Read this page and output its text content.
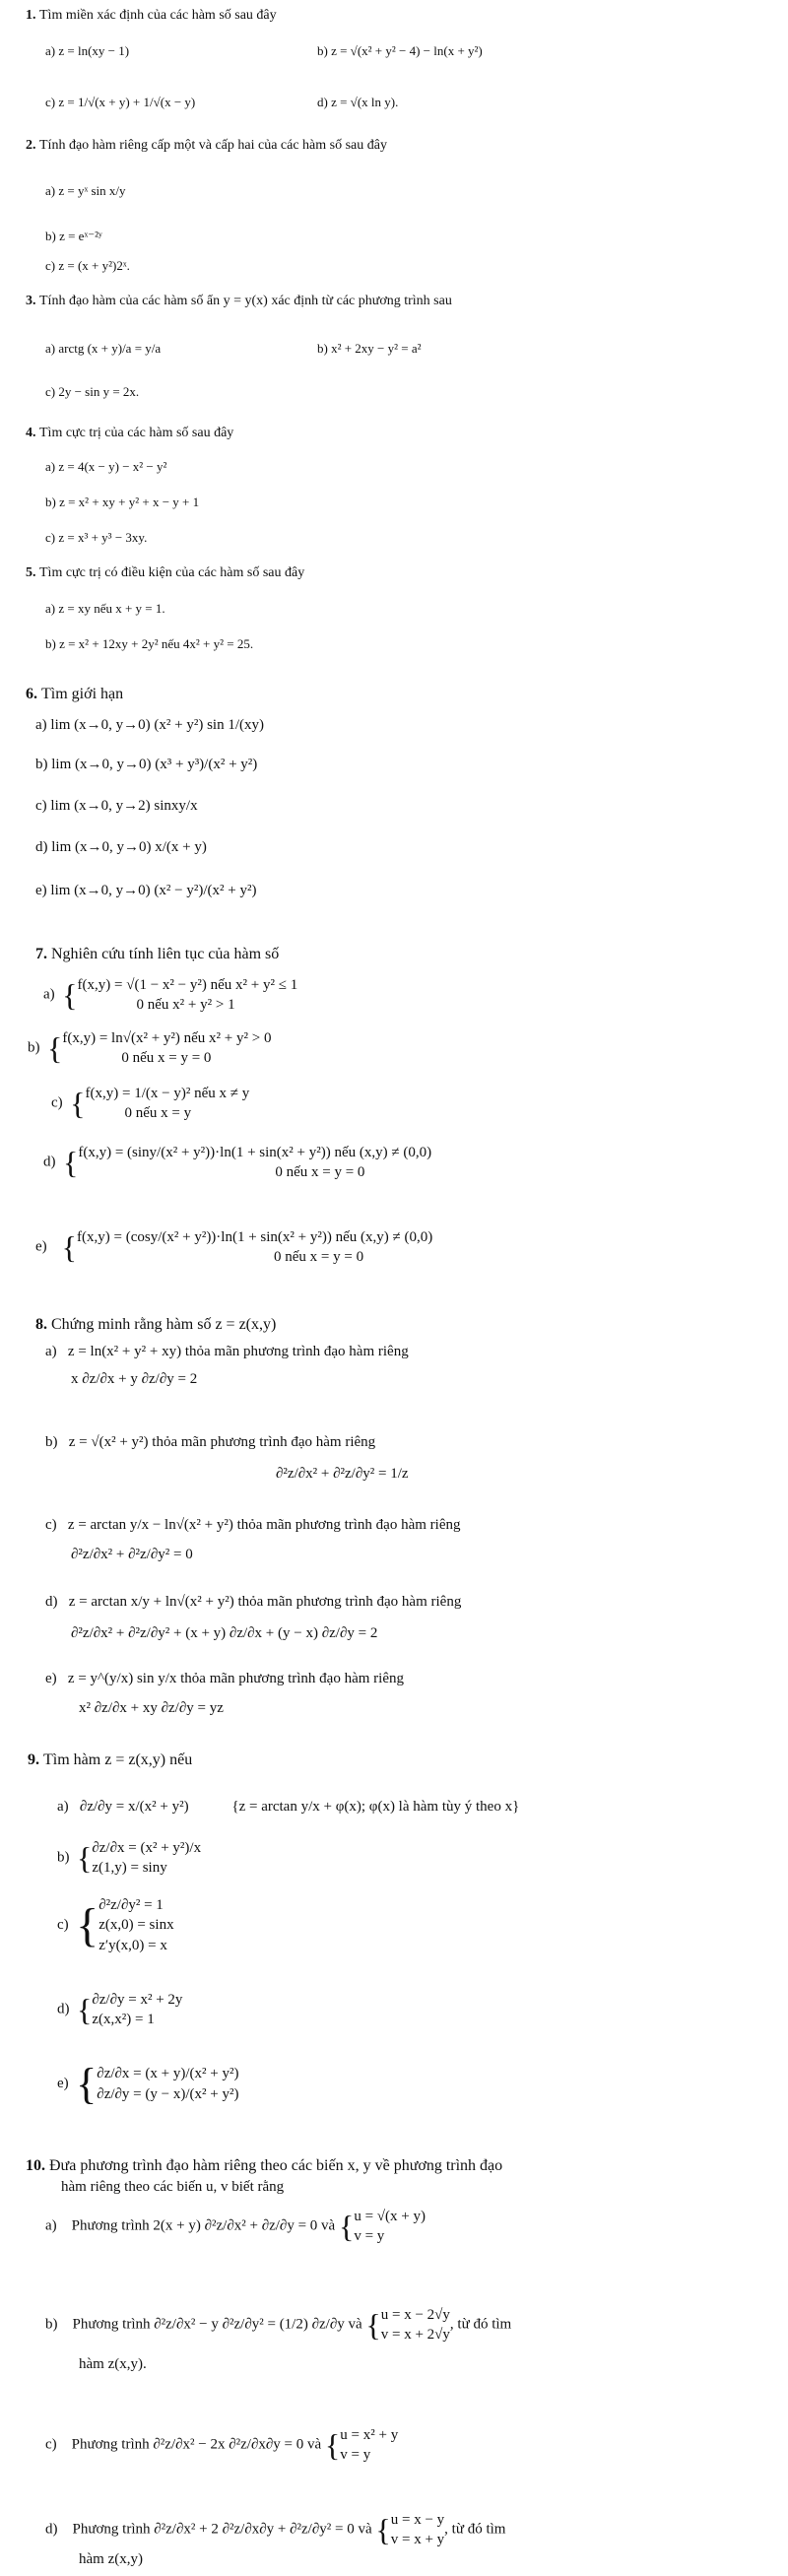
1. Tìm miền xác định của các hàm số sau đây
a) z = ln(xy − 1)	b) z = √(x² + y² − 4) − ln(x + y²)
c) z = 1/√(x + y) + 1/√(x − y)	d) z = √(x ln y).
2. Tính đạo hàm riêng cấp một và cấp hai của các hàm số sau đây
a) z = yˣ sin x/y
b) z = eˣ⁻²ʸ
c) z = (x + y²)2ˣ.
3. Tính đạo hàm của các hàm số ẩn y = y(x) xác định từ các phương trình sau
a) arctg (x + y)/a = y/a	b) x² + 2xy − y² = a²
c) 2y − sin y = 2x.
4. Tìm cực trị của các hàm số sau đây
a) z = 4(x − y) − x² − y²
b) z = x² + xy + y² + x − y + 1
c) z = x³ + y³ − 3xy.
5. Tìm cực trị có điều kiện của các hàm số sau đây
a) z = xy nếu x + y = 1.
b) z = x² + 12xy + 2y² nếu 4x² + y² = 25.
6. Tìm giới hạn
a) lim (x→0, y→0) (x² + y²) sin 1/(xy)
b) lim (x→0, y→0) (x³ + y³)/(x² + y²)
c) lim (x→0, y→2) sinxy/x
d) lim (x→0, y→0) x/(x + y)
e) lim (x→0, y→0) (x² − y²)/(x² + y²)
7. Nghiên cứu tính liên tục của hàm số
a)  { f(x,y) = √(1 − x² − y²) nếu x² + y² ≤ 1
0 nếu x² + y² > 1
b)  { f(x,y) = ln√(x² + y²) nếu x² + y² > 0
0 nếu x = y = 0
c)  { f(x,y) = 1/(x − y)² nếu x ≠ y
0 nếu x = y
d)  { f(x,y) = (siny/(x² + y²))·ln(1 + sin(x² + y²)) nếu (x,y) ≠ (0,0)
0 nếu x = y = 0
e)    { f(x,y) = (cosy/(x² + y²))·ln(1 + sin(x² + y²)) nếu (x,y) ≠ (0,0)
0 nếu x = y = 0
8. Chứng minh rằng hàm số z = z(x,y)
a)   z = ln(x² + y² + xy) thỏa mãn phương trình đạo hàm riêng
x ∂z/∂x + y ∂z/∂y = 2
b)   z = √(x² + y²) thỏa mãn phương trình đạo hàm riêng
∂²z/∂x² + ∂²z/∂y² = 1/z
c)   z = arctan y/x − ln√(x² + y²) thỏa mãn phương trình đạo hàm riêng
∂²z/∂x² + ∂²z/∂y² = 0
d)   z = arctan x/y + ln√(x² + y²) thỏa mãn phương trình đạo hàm riêng
∂²z/∂x² + ∂²z/∂y² + (x + y) ∂z/∂x + (y − x) ∂z/∂y = 2
e)   z = y^(y/x) sin y/x thỏa mãn phương trình đạo hàm riêng
x² ∂z/∂x + xy ∂z/∂y = yz
9. Tìm hàm z = z(x,y) nếu
a)   ∂z/∂y = x/(x² + y²)	{z = arctan y/x + φ(x); φ(x) là hàm tùy ý theo x}
b)  { ∂z/∂x = (x² + y²)/x
z(1,y) = siny
c)  { ∂²z/∂y² = 1
z(x,0) = sinx
z′y(x,0) = x
d)  { ∂z/∂y = x² + 2y
z(x,x²) = 1
e)  { ∂z/∂x = (x + y)/(x² + y²)
∂z/∂y = (y − x)/(x² + y²)
10. Đưa phương trình đạo hàm riêng theo các biến x, y về phương trình đạo
hàm riêng theo các biến u, v biết rằng
a)    Phương trình 2(x + y) ∂²z/∂x² + ∂z/∂y = 0 và { u = √(x + y)
v = y
b)    Phương trình ∂²z/∂x² − y ∂²z/∂y² = (1/2) ∂z/∂y và { u = x − 2√y
v = x + 2√y
, từ đó tìm
hàm z(x,y).
c)    Phương trình ∂²z/∂x² − 2x ∂²z/∂x∂y = 0 và { u = x² + y
v = y
d)    Phương trình ∂²z/∂x² + 2 ∂²z/∂x∂y + ∂²z/∂y² = 0 và { u = x − y
v = x + y
, từ đó tìm
hàm z(x,y)
